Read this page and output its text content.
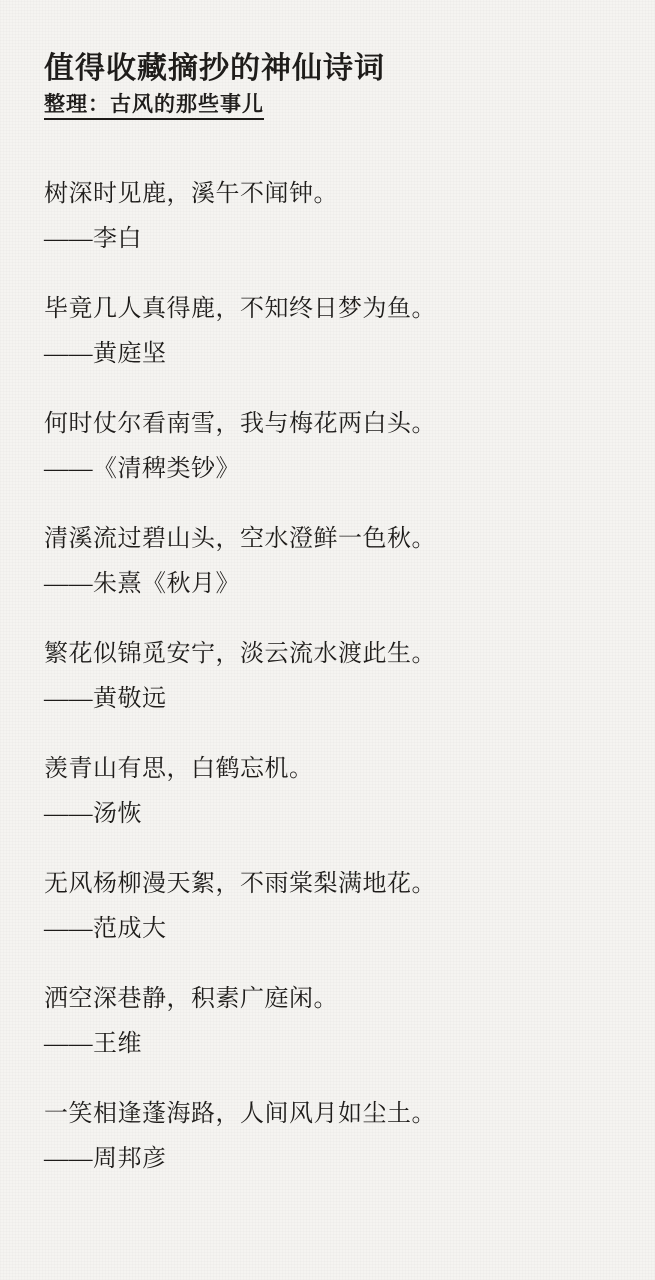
值得收藏摘抄的神仙诗词

整理：古风的那些事儿

树深时见鹿，溪午不闻钟。

——李白

毕竟几人真得鹿，不知终日梦为鱼。

——黄庭坚

何时仗尔看南雪，我与梅花两白头。

——《清稗类钞》

清溪流过碧山头，空水澄鲜一色秋。

——朱熹《秋月》

繁花似锦觅安宁，淡云流水渡此生。

——黄敬远

羡青山有思，白鹤忘机。

——汤恢

无风杨柳漫天絮，不雨棠梨满地花。

——范成大

洒空深巷静，积素广庭闲。

——王维

一笑相逢蓬海路，人间风月如尘土。

——周邦彦
